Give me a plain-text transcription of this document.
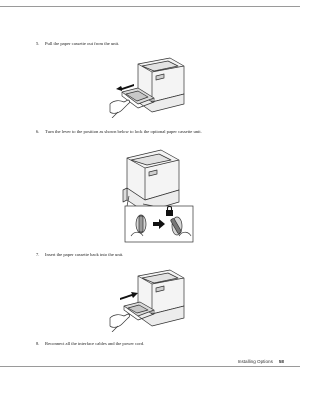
5. Pull the paper cassette out from the unit.
6. Turn the lever to the position as shown below to lock the optional paper cassette unit.
7. Insert the paper cassette back into the unit.
8. Reconnect all the interface cables and the power cord.
Installing Options 58
